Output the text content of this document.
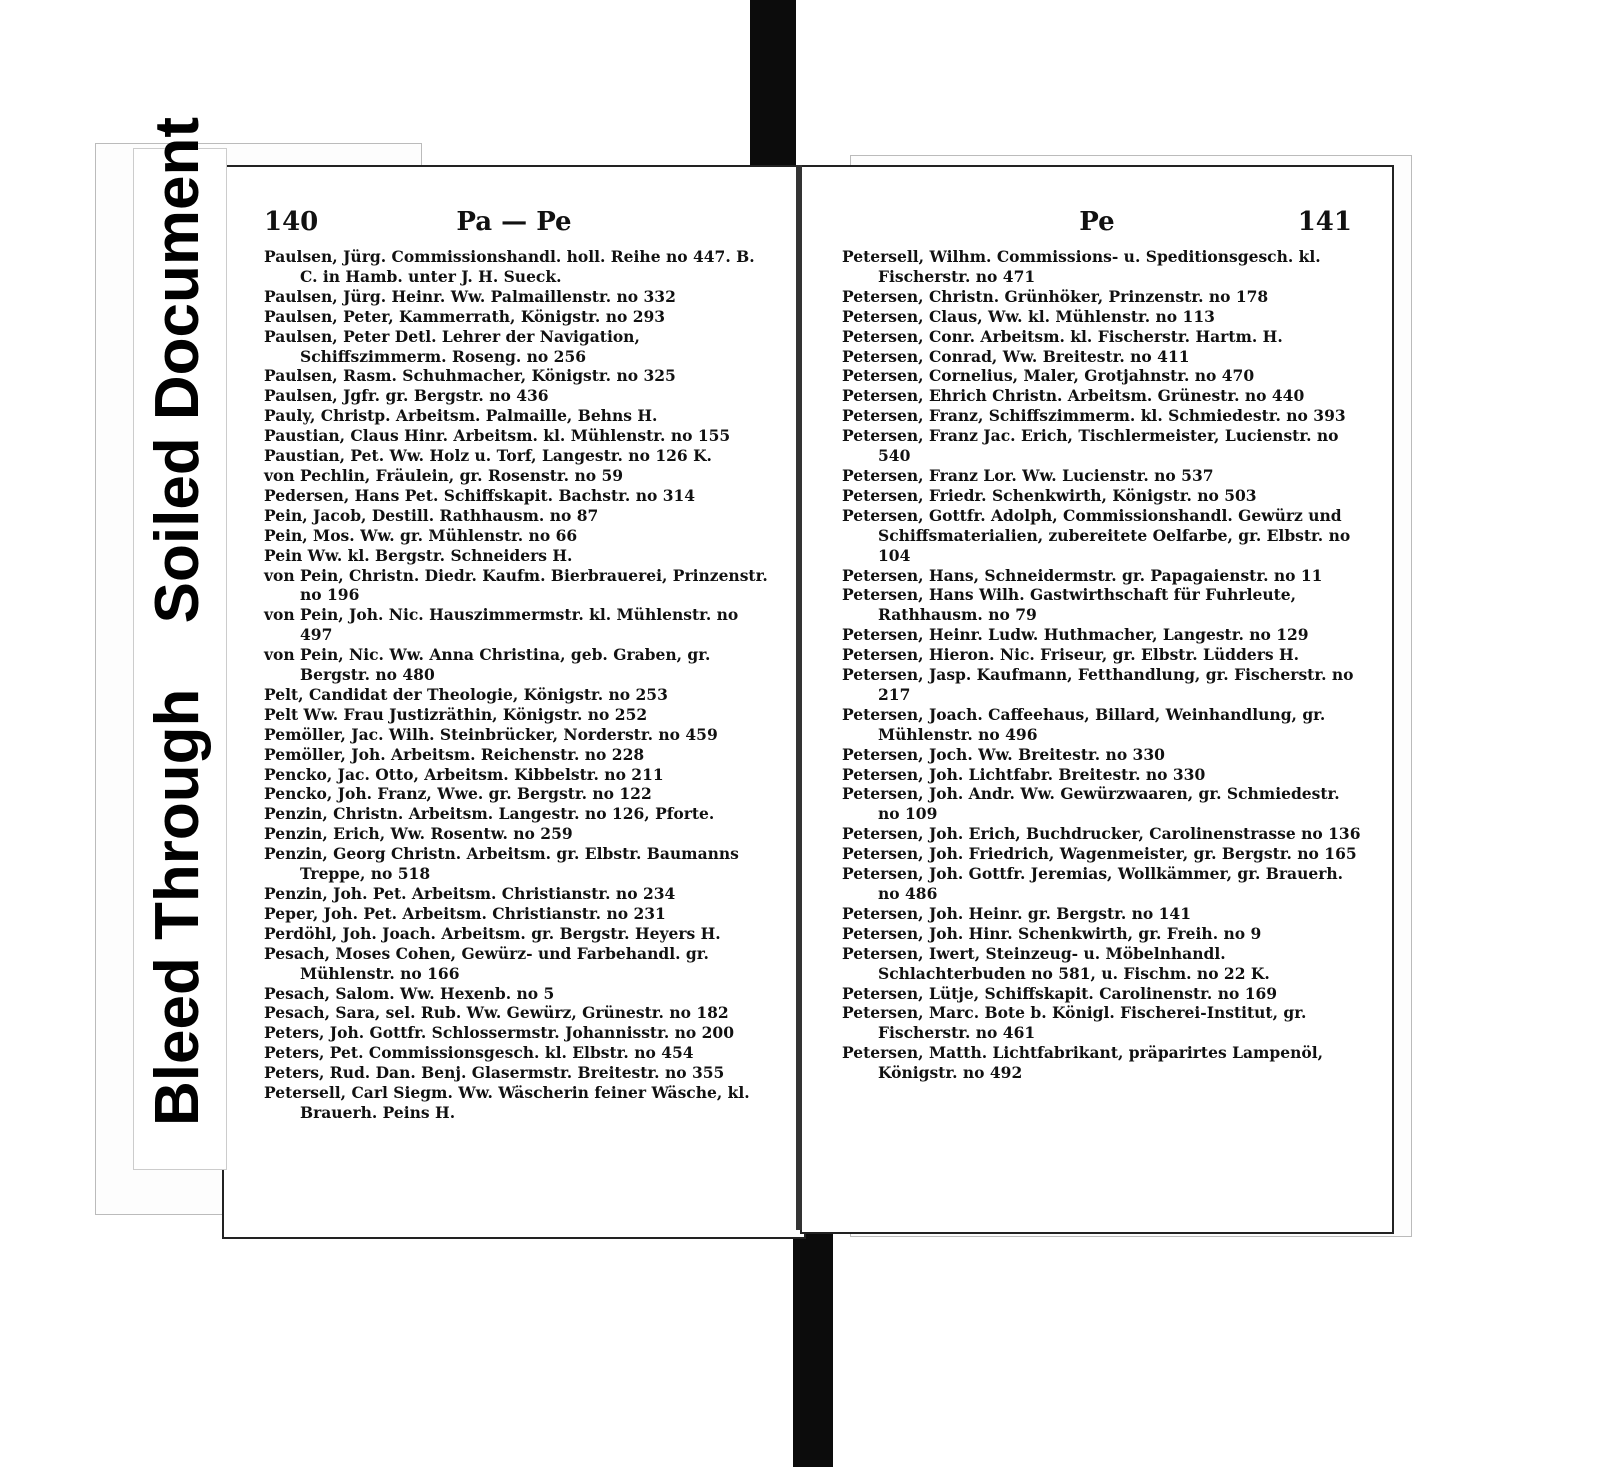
140	Pa — Pe
Paulsen, Jürg. Commissionshandl. holl. Reihe no 447. B. C. in Hamb. unter J. H. Sueck.
Paulsen, Jürg. Heinr. Ww. Palmaillenstr. no 332
Paulsen, Peter, Kammerrath, Königstr. no 293
Paulsen, Peter Detl. Lehrer der Navigation, Schiffszimmerm. Roseng. no 256
Paulsen, Rasm. Schuhmacher, Königstr. no 325
Paulsen, Jgfr. gr. Bergstr. no 436
Pauly, Christp. Arbeitsm. Palmaille, Behns H.
Paustian, Claus Hinr. Arbeitsm. kl. Mühlenstr. no 155
Paustian, Pet. Ww. Holz u. Torf, Langestr. no 126 K.
von Pechlin, Fräulein, gr. Rosenstr. no 59
Pedersen, Hans Pet. Schiffskapit. Bachstr. no 314
Pein, Jacob, Destill. Rathhausm. no 87
Pein, Mos. Ww. gr. Mühlenstr. no 66
Pein Ww. kl. Bergstr. Schneiders H.
von Pein, Christn. Diedr. Kaufm. Bierbrauerei, Prinzenstr. no 196
von Pein, Joh. Nic. Hauszimmermstr. kl. Mühlenstr. no 497
von Pein, Nic. Ww. Anna Christina, geb. Graben, gr. Bergstr. no 480
Pelt, Candidat der Theologie, Königstr. no 253
Pelt Ww. Frau Justizräthin, Königstr. no 252
Pemöller, Jac. Wilh. Steinbrücker, Norderstr. no 459
Pemöller, Joh. Arbeitsm. Reichenstr. no 228
Pencko, Jac. Otto, Arbeitsm. Kibbelstr. no 211
Pencko, Joh. Franz, Wwe. gr. Bergstr. no 122
Penzin, Christn. Arbeitsm. Langestr. no 126, Pforte.
Penzin, Erich, Ww. Rosentw. no 259
Penzin, Georg Christn. Arbeitsm. gr. Elbstr. Baumanns Treppe, no 518
Penzin, Joh. Pet. Arbeitsm. Christianstr. no 234
Peper, Joh. Pet. Arbeitsm. Christianstr. no 231
Perdöhl, Joh. Joach. Arbeitsm. gr. Bergstr. Heyers H.
Pesach, Moses Cohen, Gewürz- und Farbehandl. gr. Mühlenstr. no 166
Pesach, Salom. Ww. Hexenb. no 5
Pesach, Sara, sel. Rub. Ww. Gewürz, Grünestr. no 182
Peters, Joh. Gottfr. Schlossermstr. Johannisstr. no 200
Peters, Pet. Commissionsgesch. kl. Elbstr. no 454
Peters, Rud. Dan. Benj. Glasermstr. Breitestr. no 355
Petersell, Carl Siegm. Ww. Wäscherin feiner Wäsche, kl. Brauerh. Peins H.
Pe	141
Petersell, Wilhm. Commissions- u. Speditionsgesch. kl. Fischerstr. no 471
Petersen, Christn. Grünhöker, Prinzenstr. no 178
Petersen, Claus, Ww. kl. Mühlenstr. no 113
Petersen, Conr. Arbeitsm. kl. Fischerstr. Hartm. H.
Petersen, Conrad, Ww. Breitestr. no 411
Petersen, Cornelius, Maler, Grotjahnstr. no 470
Petersen, Ehrich Christn. Arbeitsm. Grünestr. no 440
Petersen, Franz, Schiffszimmerm. kl. Schmiedestr. no 393
Petersen, Franz Jac. Erich, Tischlermeister, Lucienstr. no 540
Petersen, Franz Lor. Ww. Lucienstr. no 537
Petersen, Friedr. Schenkwirth, Königstr. no 503
Petersen, Gottfr. Adolph, Commissionshandl. Gewürz und Schiffsmaterialien, zubereitete Oelfarbe, gr. Elbstr. no 104
Petersen, Hans, Schneidermstr. gr. Papagaienstr. no 11
Petersen, Hans Wilh. Gastwirthschaft für Fuhrleute, Rathhausm. no 79
Petersen, Heinr. Ludw. Huthmacher, Langestr. no 129
Petersen, Hieron. Nic. Friseur, gr. Elbstr. Lüdders H.
Petersen, Jasp. Kaufmann, Fetthandlung, gr. Fischerstr. no 217
Petersen, Joach. Caffeehaus, Billard, Weinhandlung, gr. Mühlenstr. no 496
Petersen, Joch. Ww. Breitestr. no 330
Petersen, Joh. Lichtfabr. Breitestr. no 330
Petersen, Joh. Andr. Ww. Gewürzwaaren, gr. Schmiedestr. no 109
Petersen, Joh. Erich, Buchdrucker, Carolinenstrasse no 136
Petersen, Joh. Friedrich, Wagenmeister, gr. Bergstr. no 165
Petersen, Joh. Gottfr. Jeremias, Wollkämmer, gr. Brauerh. no 486
Petersen, Joh. Heinr. gr. Bergstr. no 141
Petersen, Joh. Hinr. Schenkwirth, gr. Freih. no 9
Petersen, Iwert, Steinzeug- u. Möbelnhandl. Schlachterbuden no 581, u. Fischm. no 22 K.
Petersen, Lütje, Schiffskapit. Carolinenstr. no 169
Petersen, Marc. Bote b. Königl. Fischerei-Institut, gr. Fischerstr. no 461
Petersen, Matth. Lichtfabrikant, präparirtes Lampenöl, Königstr. no 492
Bleed Through Soiled Document
